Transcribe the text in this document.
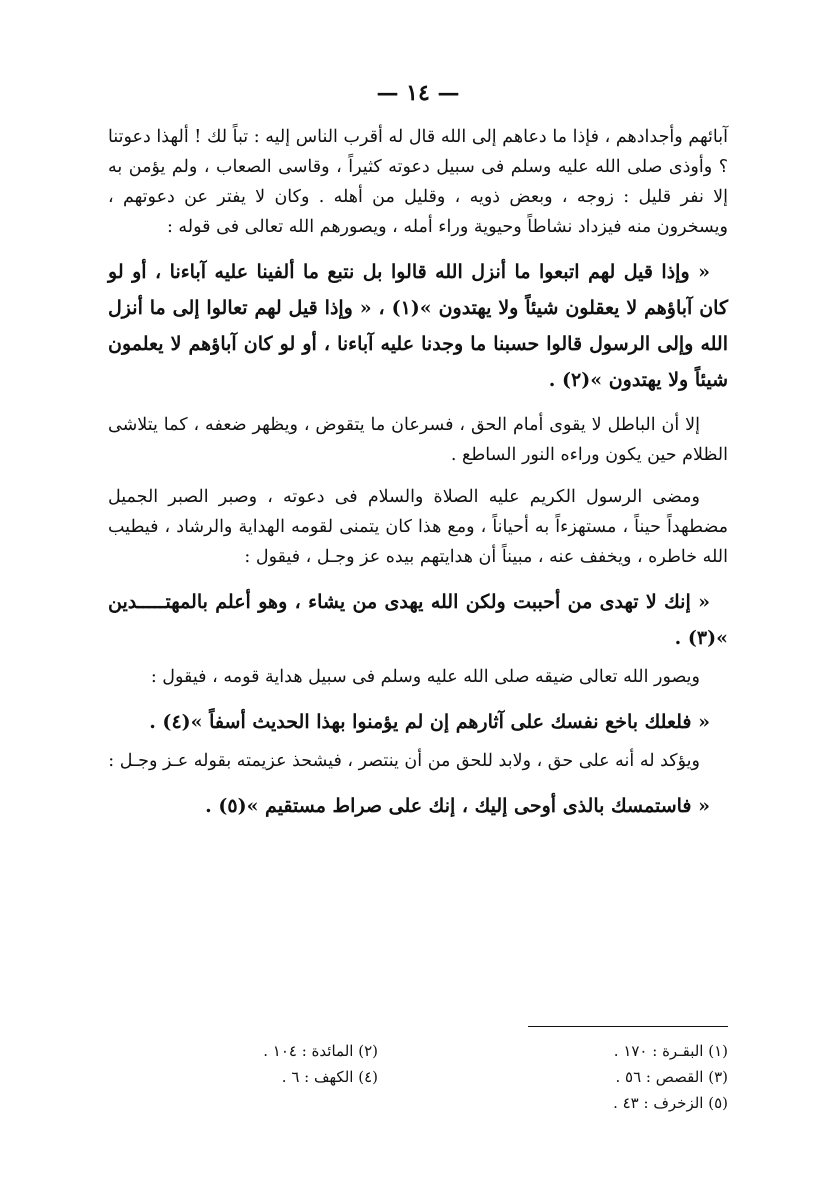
— ١٤ —

آبائهم وأجدادهم ، فإذا ما دعاهم إلى الله قال له أقرب الناس إليه : تباً لك ! ألهذا دعوتنا ؟ وأوذى صلى الله عليه وسلم فى سبيل دعوته كثيراً ، وقاسى الصعاب ، ولم يؤمن به إلا نفر قليل : زوجه ، وبعض ذويه ، وقليل من أهله . وكان لا يفتر عن دعوتهم ، ويسخرون منه فيزداد نشاطاً وحيوية وراء أمله ، ويصورهم الله تعالى فى قوله :

« وإذا قيل لهم اتبعوا ما أنزل الله قالوا بل نتبع ما ألفينا عليه آباءنا ، أو لو كان آباؤهم لا يعقلون شيئاً ولا يهتدون »(١) ، « وإذا قيل لهم تعالوا إلى ما أنزل الله وإلى الرسول قالوا حسبنا ما وجدنا عليه آباءنا ، أو لو كان آباؤهم لا يعلمون شيئاً ولا يهتدون »(٢) .

إلا أن الباطل لا يقوى أمام الحق ، فسرعان ما يتقوض ، ويظهر ضعفه ، كما يتلاشى الظلام حين يكون وراءه النور الساطع .

ومضى الرسول الكريم عليه الصلاة والسلام فى دعوته ، وصبر الصبر الجميل مضطهداً حيناً ، مستهزءاً به أحياناً ، ومع هذا كان يتمنى لقومه الهداية والرشاد ، فيطيب الله خاطره ، ويخفف عنه ، مبيناً أن هدايتهم بيده عز وجـل ، فيقول :

« إنك لا تهدى من أحببت ولكن الله يهدى من يشاء ، وهو أعلم بالمهتـــــدين »(٣) .

ويصور الله تعالى ضيقه صلى الله عليه وسلم فى سبيل هداية قومه ، فيقول :

« فلعلك باخع نفسك على آثارهم إن لم يؤمنوا بهذا الحديث أسفاً »(٤) .

ويؤكد له أنه على حق ، ولابد للحق من أن ينتصر ، فيشحذ عزيمته بقوله عـز وجـل :

« فاستمسك بالذى أوحى إليك ، إنك على صراط مستقيم »(٥) .

(١) البقـرة : ١٧٠ .
(٢) المائدة : ١٠٤ .
(٣) القصص : ٥٦ .
(٤) الكهف : ٦ .
(٥) الزخرف : ٤٣ .
